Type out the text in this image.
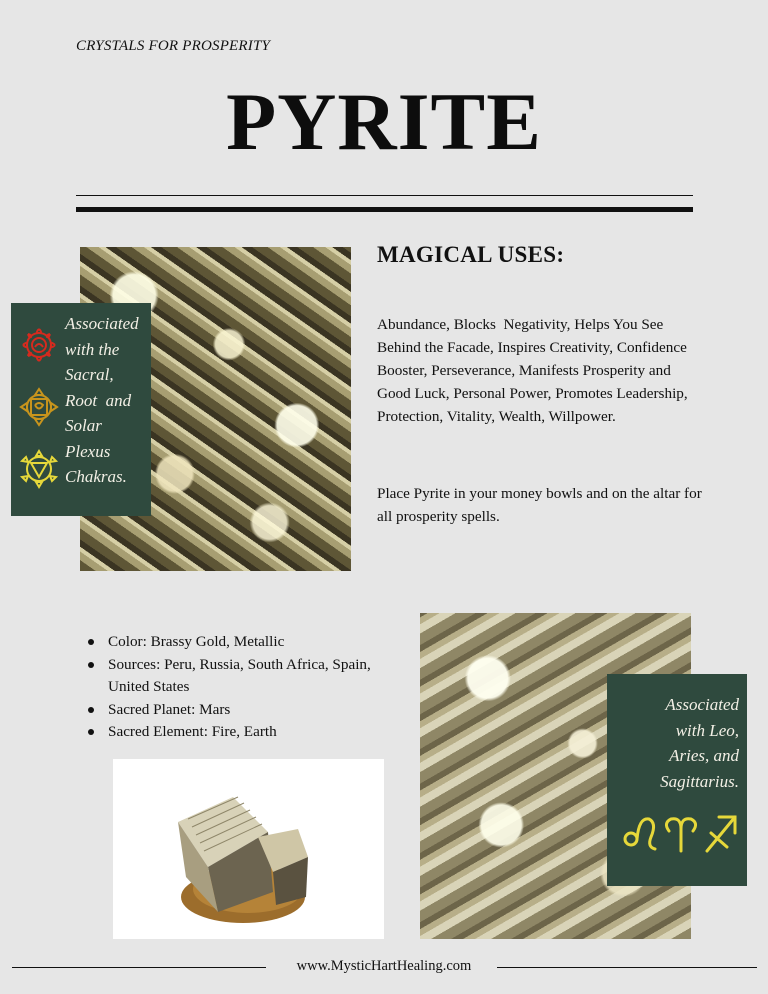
CRYSTALS FOR PROSPERITY
PYRITE
Associated
with the
Sacral,
Root  and
Solar
Plexus
Chakras.
MAGICAL USES:

Abundance, Blocks  Negativity, Helps You See Behind the Facade, Inspires Creativity, Confidence Booster, Perseverance, Manifests Prosperity and Good Luck, Personal Power, Promotes Leadership, Protection, Vitality, Wealth, Willpower.

Place Pyrite in your money bowls and on the altar for all prosperity spells.

Color: Brassy Gold, Metallic
Sources: Peru, Russia, South Africa, Spain, United States
Sacred Planet: Mars
Sacred Element: Fire, Earth
Associated
with Leo,
Aries, and
Sagittarius.
www.MysticHartHealing.com
